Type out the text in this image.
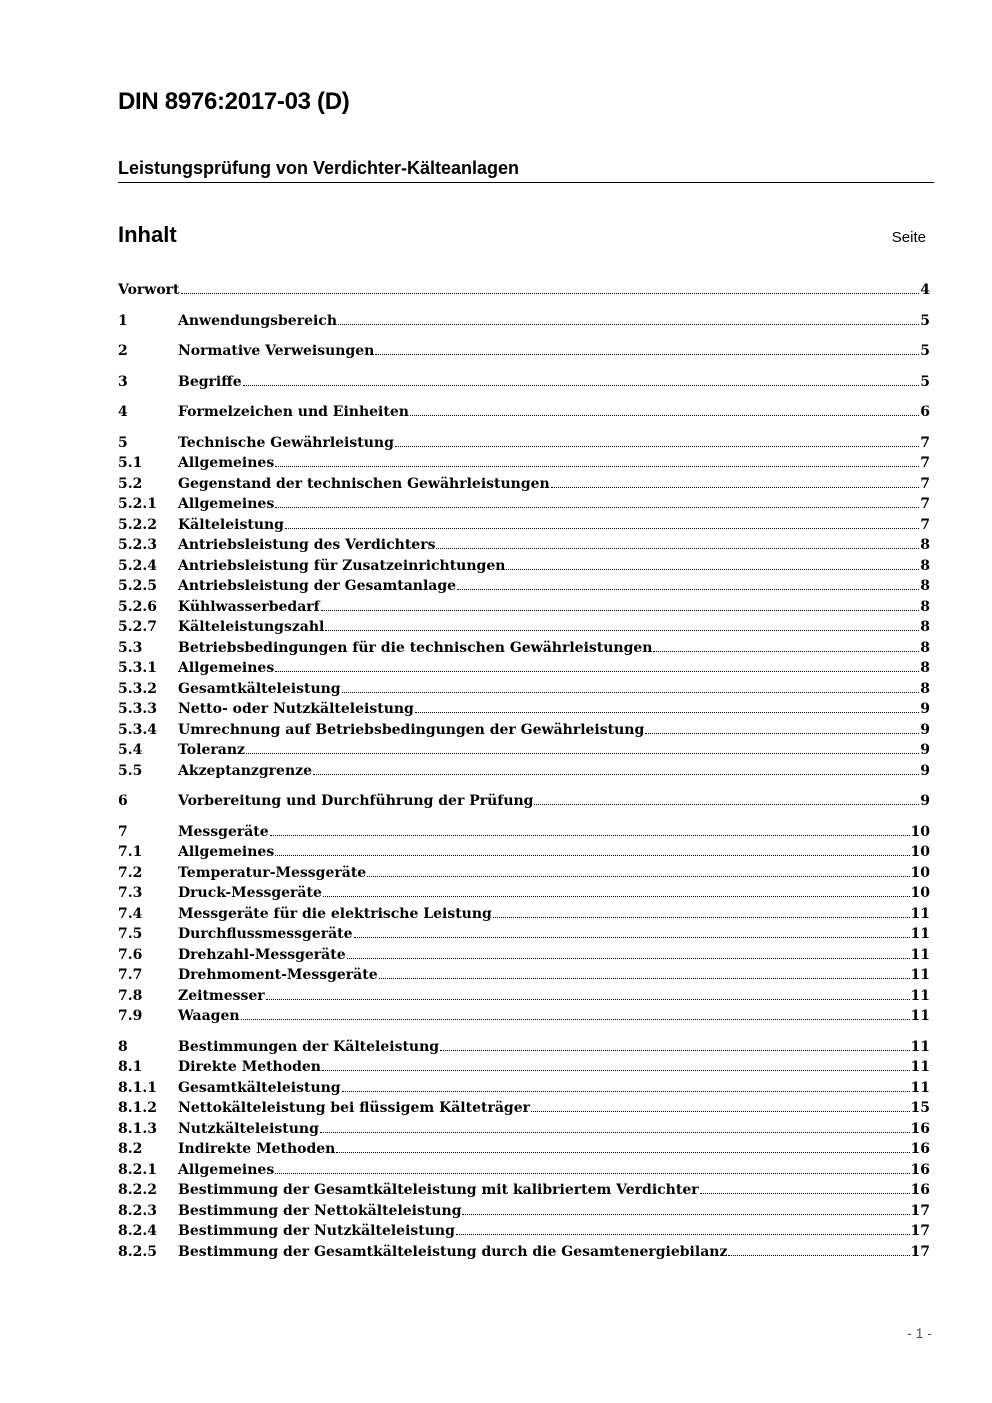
DIN 8976:2017-03 (D)
Leistungsprüfung von Verdichter-Kälteanlagen
Inhalt	Seite
Vorwort	4
1	Anwendungsbereich	5
2	Normative Verweisungen	5
3	Begriffe	5
4	Formelzeichen und Einheiten	6
5	Technische Gewährleistung	7
5.1	Allgemeines	7
5.2	Gegenstand der technischen Gewährleistungen	7
5.2.1	Allgemeines	7
5.2.2	Kälteleistung	7
5.2.3	Antriebsleistung des Verdichters	8
5.2.4	Antriebsleistung für Zusatzeinrichtungen	8
5.2.5	Antriebsleistung der Gesamtanlage	8
5.2.6	Kühlwasserbedarf	8
5.2.7	Kälteleistungszahl	8
5.3	Betriebsbedingungen für die technischen Gewährleistungen	8
5.3.1	Allgemeines	8
5.3.2	Gesamtkälteleistung	8
5.3.3	Netto- oder Nutzkälteleistung	9
5.3.4	Umrechnung auf Betriebsbedingungen der Gewährleistung	9
5.4	Toleranz	9
5.5	Akzeptanzgrenze	9
6	Vorbereitung und Durchführung der Prüfung	9
7	Messgeräte	10
7.1	Allgemeines	10
7.2	Temperatur-Messgeräte	10
7.3	Druck-Messgeräte	10
7.4	Messgeräte für die elektrische Leistung	11
7.5	Durchflussmessgeräte	11
7.6	Drehzahl-Messgeräte	11
7.7	Drehmoment-Messgeräte	11
7.8	Zeitmesser	11
7.9	Waagen	11
8	Bestimmungen der Kälteleistung	11
8.1	Direkte Methoden	11
8.1.1	Gesamtkälteleistung	11
8.1.2	Nettokälteleistung bei flüssigem Kälteträger	15
8.1.3	Nutzkälteleistung	16
8.2	Indirekte Methoden	16
8.2.1	Allgemeines	16
8.2.2	Bestimmung der Gesamtkälteleistung mit kalibriertem Verdichter	16
8.2.3	Bestimmung der Nettokälteleistung	17
8.2.4	Bestimmung der Nutzkälteleistung	17
8.2.5	Bestimmung der Gesamtkälteleistung durch die Gesamtenergiebilanz	17
- 1 -
